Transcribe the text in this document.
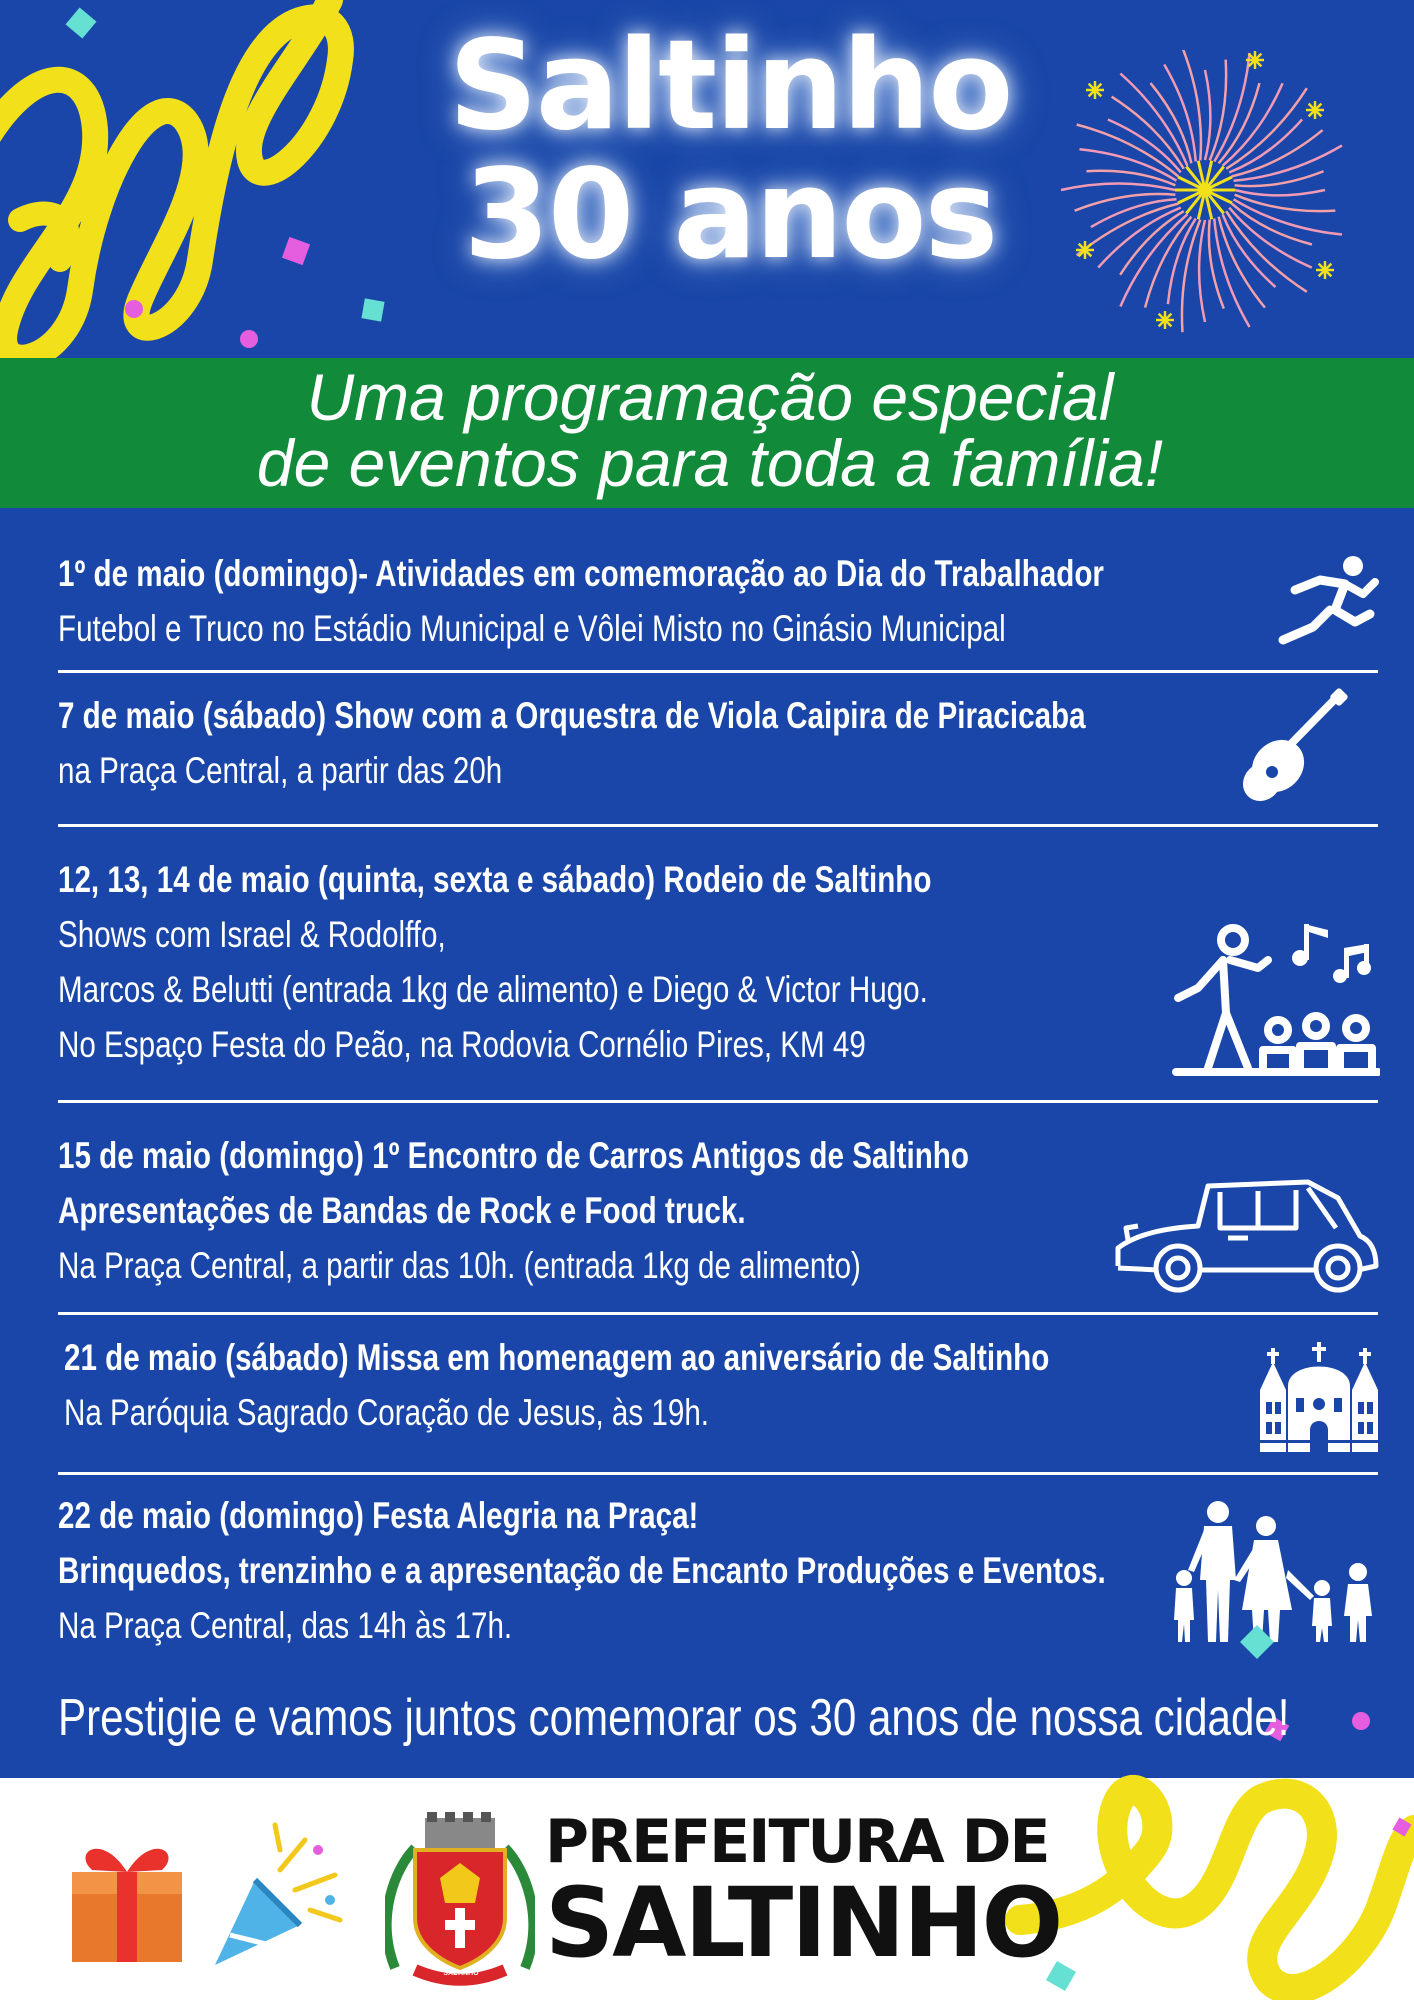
Saltinho
30 anos
Uma programação especial
de eventos para toda a família!
1º de maio (domingo)- Atividades em comemoração ao Dia do Trabalhador
Futebol e Truco no Estádio Municipal e Vôlei Misto no Ginásio Municipal
7 de maio (sábado) Show com a Orquestra de Viola Caipira de Piracicaba
na Praça Central, a partir das 20h
12, 13, 14 de maio (quinta, sexta e sábado) Rodeio de Saltinho
Shows com Israel & Rodolffo,
Marcos & Belutti (entrada 1kg de alimento) e Diego & Victor Hugo.
No Espaço Festa do Peão, na Rodovia Cornélio Pires, KM 49
15 de maio (domingo) 1º Encontro de Carros Antigos de Saltinho
Apresentações de Bandas de Rock e Food truck.
Na Praça Central, a partir das 10h. (entrada 1kg de alimento)
21 de maio (sábado) Missa em homenagem ao aniversário de Saltinho
Na Paróquia Sagrado Coração de Jesus, às 19h.
22 de maio (domingo) Festa Alegria na Praça!
Brinquedos, trenzinho e a apresentação de Encanto Produções e Eventos.
Na Praça Central, das 14h às 17h.
Prestigie e vamos juntos comemorar os 30 anos de nossa cidade!
SALTINHO
PREFEITURA DE
SALTINHO
